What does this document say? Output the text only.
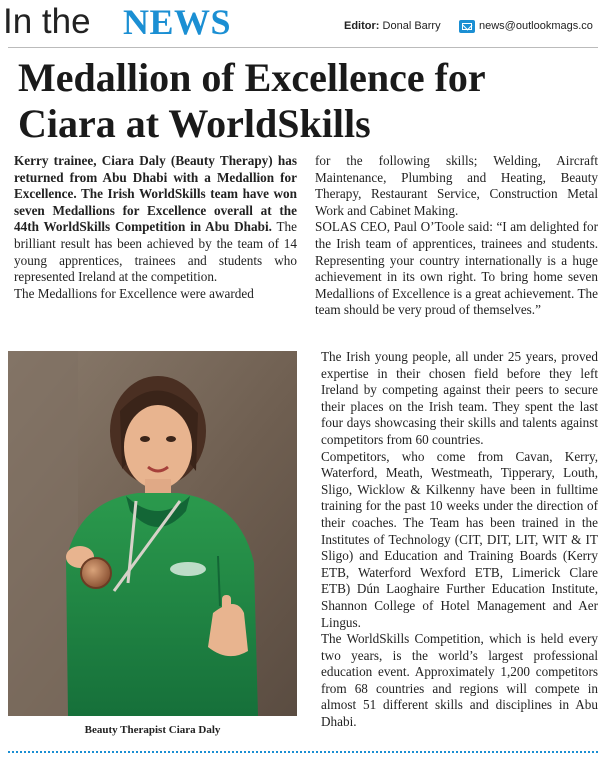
In the NEWS	Editor: Donal Barry	news@outlookmags.co
Medallion of Excellence for
Ciara at WorldSkills

Kerry trainee, Ciara Daly (Beauty Therapy) has returned from Abu Dhabi with a Medallion for Excellence. The Irish WorldSkills team have won seven Medallions for Excellence overall at the 44th WorldSkills Competition in Abu Dhabi. The brilliant result has been achieved by the team of 14 young apprentices, trainees and students who represented Ireland at the competition.

The Medallions for Excellence were awarded

for the following skills; Welding, Aircraft Maintenance, Plumbing and Heating, Beauty Therapy, Restaurant Service, Construction Metal Work and Cabinet Making.

SOLAS CEO, Paul O’Toole said: “I am delighted for the Irish team of apprentices, trainees and students. Representing your country internationally is a huge achievement in its own right. To bring home seven Medallions of Excellence is a great achievement. The team should be very proud of themselves.”

Beauty Therapist Ciara Daly

The Irish young people, all under 25 years, proved expertise in their chosen field before they left Ireland by competing against their peers to secure their places on the Irish team. They spent the last four days showcasing their skills and talents against competitors from 60 countries.

Competitors, who come from Cavan, Kerry, Waterford, Meath, Westmeath, Tipperary, Louth, Sligo, Wicklow & Kilkenny have been in fulltime training for the past 10 weeks under the direction of their coaches. The Team has been trained in the Institutes of Technology (CIT, DIT, LIT, WIT & IT Sligo) and Education and Training Boards (Kerry ETB, Waterford Wexford ETB, Limerick Clare ETB) Dún Laoghaire Further Education Institute, Shannon College of Hotel Management and Aer Lingus.

The WorldSkills Competition, which is held every two years, is the world’s largest professional education event. Approximately 1,200 competitors from 68 countries and regions will compete in almost 51 different skills and disciplines in Abu Dhabi.
